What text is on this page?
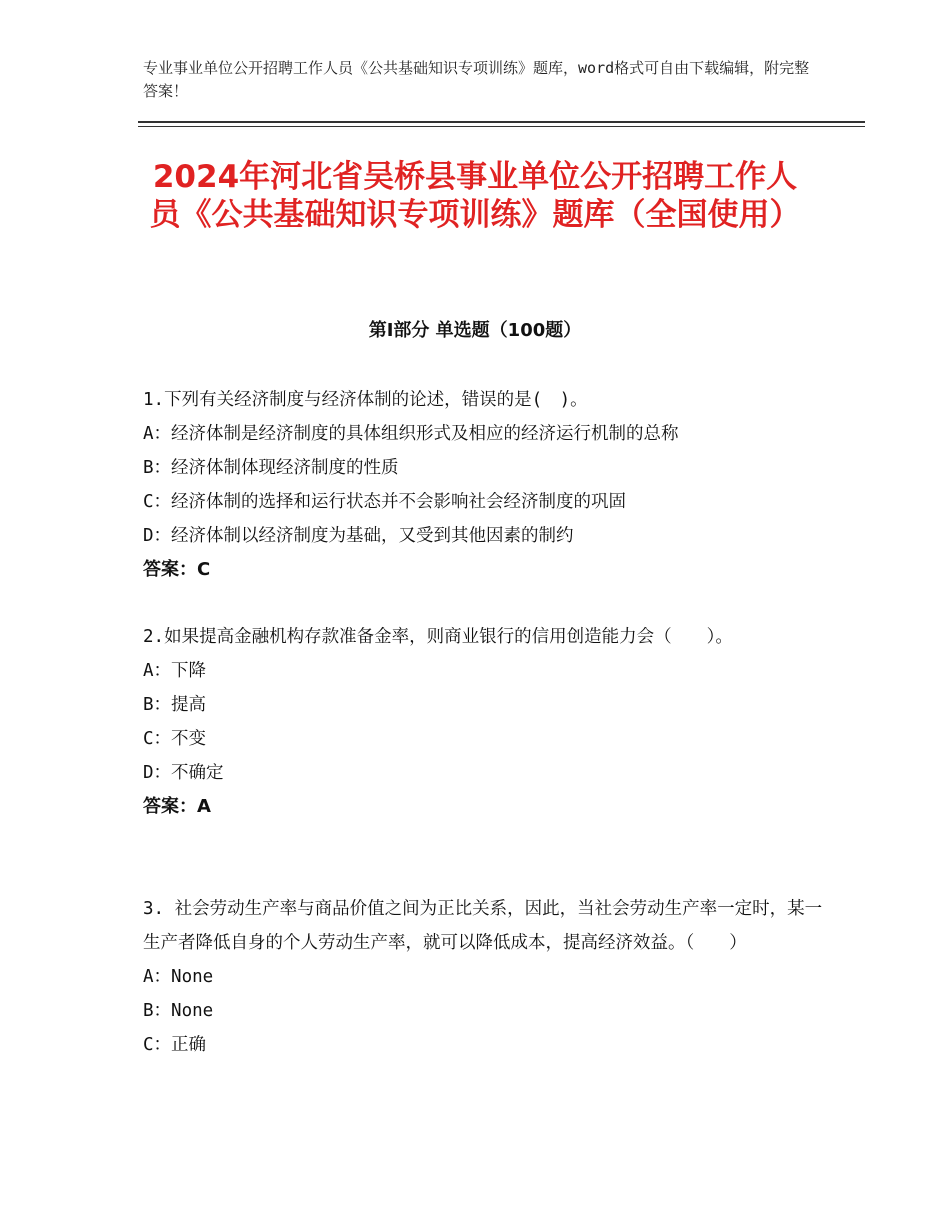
专业事业单位公开招聘工作人员《公共基础知识专项训练》题库，word格式可自由下载编辑，附完整答案！
2024年河北省吴桥县事业单位公开招聘工作人员《公共基础知识专项训练》题库（全国使用）
第Ⅰ部分 单选题（100题）
1.下列有关经济制度与经济体制的论述，错误的是(　)。
A：经济体制是经济制度的具体组织形式及相应的经济运行机制的总称
B：经济体制体现经济制度的性质
C：经济体制的选择和运行状态并不会影响社会经济制度的巩固
D：经济体制以经济制度为基础，又受到其他因素的制约
答案：C
2.如果提高金融机构存款准备金率，则商业银行的信用创造能力会（　　）。
A：下降
B：提高
C：不变
D：不确定
答案：A
3. 社会劳动生产率与商品价值之间为正比关系，因此，当社会劳动生产率一定时，某一生产者降低自身的个人劳动生产率，就可以降低成本，提高经济效益。（　　）
A：None
B：None
C：正确
